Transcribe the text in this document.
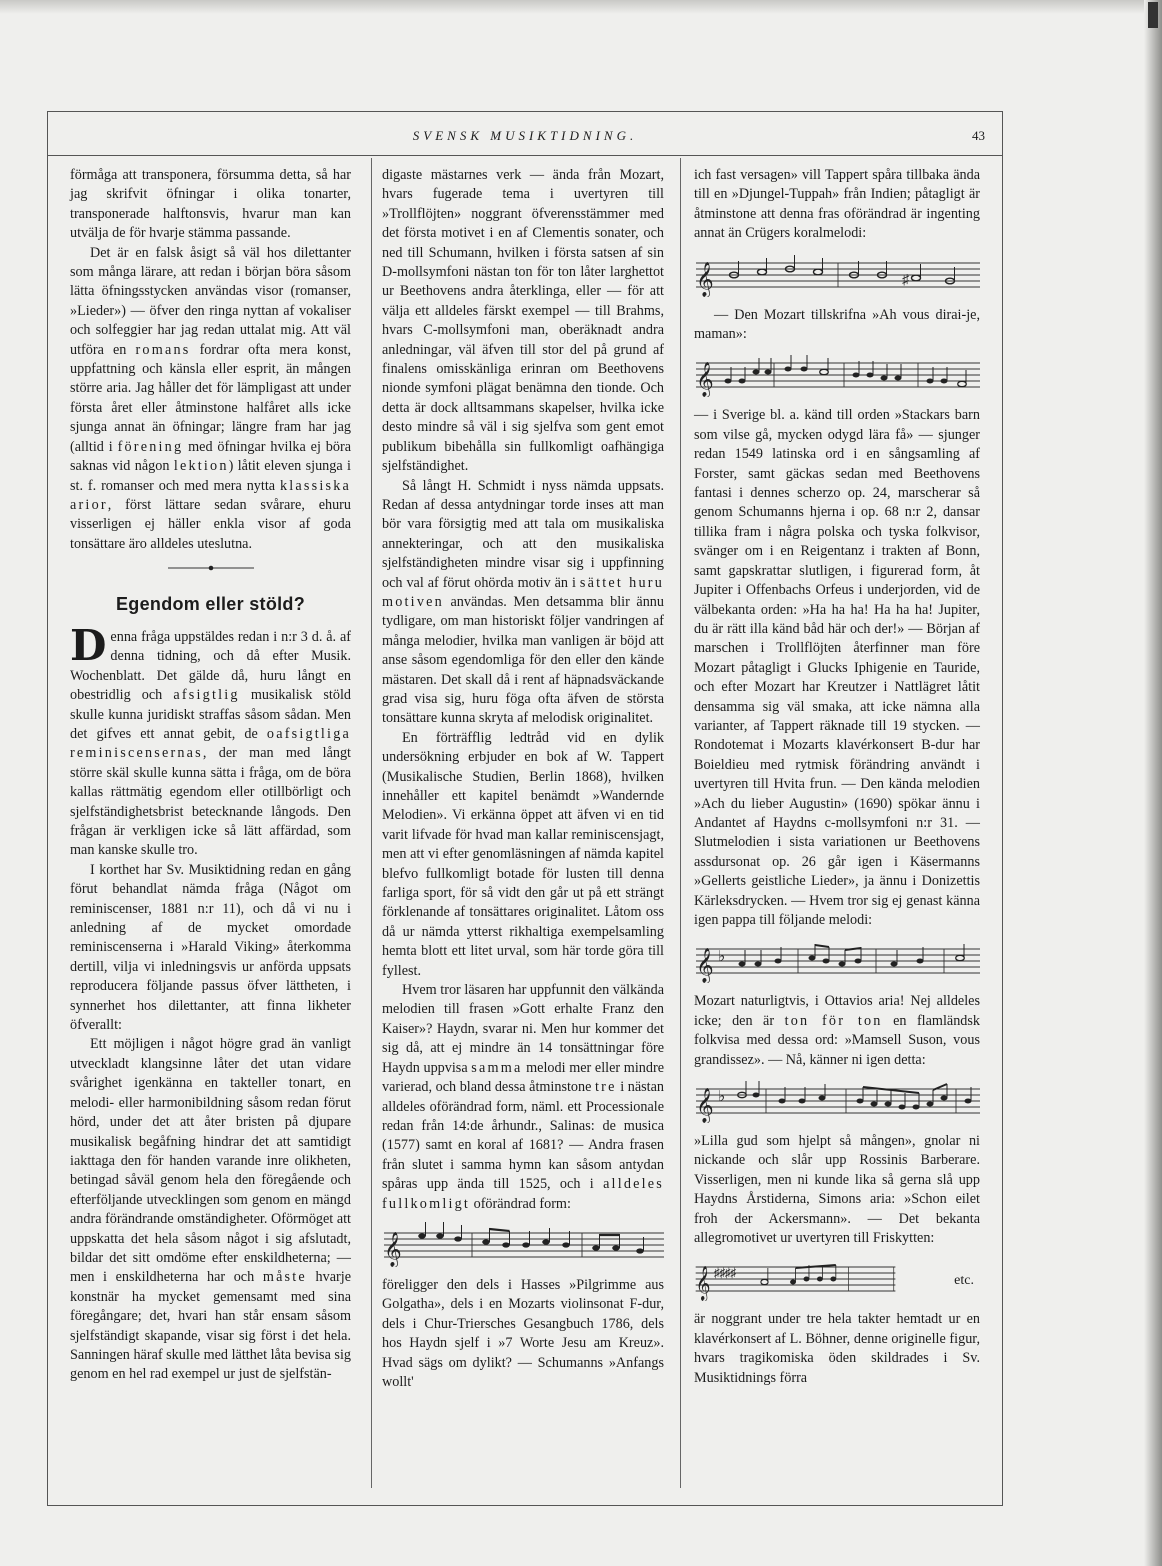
SVENSK MUSIKTIDNING.	43

förmåga att transponera, försumma detta, så har jag skrifvit öfningar i olika tonarter, transponerade halftonsvis, hvarur man kan utvälja de för hvarje stämma passande.

Det är en falsk åsigt så väl hos dilettanter som många lärare, att redan i början böra såsom lätta öfningsstycken användas visor (romanser, »Lieder») — öfver den ringa nyttan af vokaliser och solfeggier har jag redan uttalat mig. Att väl utföra en romans fordrar ofta mera konst, uppfattning och känsla eller esprit, än mången större aria. Jag håller det för lämpligast att under första året eller åtminstone halfåret alls icke sjunga annat än öfningar; längre fram har jag (alltid i förening med öfningar hvilka ej böra saknas vid någon lektion) låtit eleven sjunga i st. f. romanser och med mera nytta klassiska arior, först lättare sedan svårare, ehuru visserligen ej häller enkla visor af goda tonsättare äro alldeles uteslutna.

Egendom eller stöld?

Denna fråga uppstäldes redan i n:r 3 d. å. af denna tidning, och då efter Musik. Wochenblatt. Det gälde då, huru långt en obestridlig och afsigtlig musikalisk stöld skulle kunna juridiskt straffas såsom sådan. Men det gifves ett annat gebit, de oafsigtliga reminiscensernas, der man med långt större skäl skulle kunna sätta i fråga, om de böra kallas rättmätig egendom eller otillbörligt och sjelfständighetsbrist betecknande långods. Den frågan är verkligen icke så lätt affärdad, som man kanske skulle tro.

I korthet har Sv. Musiktidning redan en gång förut behandlat nämda fråga (Något om reminiscenser, 1881 n:r 11), och då vi nu i anledning af de mycket omordade reminiscenserna i »Harald Viking» återkomma dertill, vilja vi inledningsvis ur anförda uppsats reproducera följande passus öfver lättheten, i synnerhet hos dilettanter, att finna likheter öfverallt:

Ett möjligen i något högre grad än vanligt utveckladt klangsinne låter det utan vidare svårighet igenkänna en takteller tonart, en melodi- eller harmonibildning såsom redan förut hörd, under det att åter bristen på djupare musikalisk begåfning hindrar det att samtidigt iakttaga den för handen varande inre olikheten, betingad såväl genom hela den föregående och efterföljande utvecklingen som genom en mängd andra förändrande omständigheter. Oförmöget att uppskatta det hela såsom något i sig afslutadt, bildar det sitt omdöme efter enskildheterna; — men i enskildheterna har och måste hvarje konstnär ha mycket gemensamt med sina föregångare; det, hvari han står ensam såsom sjelfständigt skapande, visar sig först i det hela. Sanningen häraf skulle med lätthet låta bevisa sig genom en hel rad exempel ur just de sjelfstän-

digaste mästarnes verk — ända från Mozart, hvars fugerade tema i uvertyren till »Trollflöjten» noggrant öfverensstämmer med det första motivet i en af Clementis sonater, och ned till Schumann, hvilken i första satsen af sin D-mollsymfoni nästan ton för ton låter larghettot ur Beethovens andra återklinga, eller — för att välja ett alldeles färskt exempel — till Brahms, hvars C-mollsymfoni man, oberäknadt andra anledningar, väl äfven till stor del på grund af finalens omisskänliga erinran om Beethovens nionde symfoni plägat benämna den tionde. Och detta är dock alltsammans skapelser, hvilka icke desto mindre så väl i sig sjelfva som gent emot publikum bibehålla sin fullkomligt oafhängiga sjelfständighet.

Så långt H. Schmidt i nyss nämda uppsats. Redan af dessa antydningar torde inses att man bör vara försigtig med att tala om musikaliska annekteringar, och att den musikaliska sjelfständigheten mindre visar sig i uppfinning och val af förut ohörda motiv än i sättet huru motiven användas. Men detsamma blir ännu tydligare, om man historiskt följer vandringen af många melodier, hvilka man vanligen är böjd att anse såsom egendomliga för den eller den kände mästaren. Det skall då i rent af häpnadsväckande grad visa sig, huru föga ofta äfven de största tonsättare kunna skryta af melodisk originalitet.

En förträfflig ledtråd vid en dylik undersökning erbjuder en bok af W. Tappert (Musikalische Studien, Berlin 1868), hvilken innehåller ett kapitel benämdt »Wandernde Melodien». Vi erkänna öppet att äfven vi en tid varit lifvade för hvad man kallar reminiscensjagt, men att vi efter genomläsningen af nämda kapitel blefvo fullkomligt botade för lusten till denna farliga sport, för så vidt den går ut på ett strängt förklenande af tonsättares originalitet. Låtom oss då ur nämda ytterst rikhaltiga exempelsamling hemta blott ett litet urval, som här torde göra till fyllest.

Hvem tror läsaren har uppfunnit den välkända melodien till frasen »Gott erhalte Franz den Kaiser»? Haydn, svarar ni. Men hur kommer det sig då, att ej mindre än 14 tonsättningar före Haydn uppvisa samma melodi mer eller mindre varierad, och bland dessa åtminstone tre i nästan alldeles oförändrad form, näml. ett Processionale redan från 14:de århundr., Salinas: de musica (1577) samt en koral af 1681? — Andra frasen från slutet i samma hymn kan såsom antydan spåras upp ända till 1525, och i alldeles fullkomligt oförändrad form:

𝄞

föreligger den dels i Hasses »Pilgrimme aus Golgatha», dels i en Mozarts violinsonat F-dur, dels i Chur-Triersches Gesangbuch 1786, dels hos Haydn sjelf i »7 Worte Jesu am Kreuz». Hvad sägs om dylikt? — Schumanns »Anfangs wollt'

ich fast versagen» vill Tappert spåra tillbaka ända till en »Djungel-Tuppah» från Indien; påtagligt är åtminstone att denna fras oförändrad är ingenting annat än Crügers koralmelodi:

𝄞	♯

— Den Mozart tillskrifna »Ah vous dirai-je, maman»:

𝄞

— i Sverige bl. a. känd till orden »Stackars barn som vilse gå, mycken odygd lära få» — sjunger redan 1549 latinska ord i en sångsamling af Forster, samt gäckas sedan med Beethovens fantasi i dennes scherzo op. 24, marscherar så genom Schumanns hjerna i op. 68 n:r 2, dansar tillika fram i några polska och tyska folkvisor, svänger om i en Reigentanz i trakten af Bonn, samt gapskrattar slutligen, i figurerad form, åt Jupiter i Offenbachs Orfeus i underjorden, vid de välbekanta orden: »Ha ha ha! Ha ha ha! Jupiter, du är rätt illa känd båd här och der!» — Början af marschen i Trollflöjten återfinner man före Mozart påtagligt i Glucks Iphigenie en Tauride, och efter Mozart har Kreutzer i Nattlägret låtit densamma sig väl smaka, att icke nämna alla varianter, af Tappert räknade till 19 stycken. — Rondotemat i Mozarts klavérkonsert B-dur har Boieldieu med rytmisk förändring användt i uvertyren till Hvita frun. — Den kända melodien »Ach du lieber Augustin» (1690) spökar ännu i Andantet af Haydns c-mollsymfoni n:r 31. — Slutmelodien i sista variationen ur Beethovens assdursonat op. 26 går igen i Käsermanns »Gellerts geistliche Lieder», ja ännu i Donizettis Kärleksdrycken. — Hvem tror sig ej genast känna igen pappa till följande melodi:

𝄞 ♭

Mozart naturligtvis, i Ottavios aria! Nej alldeles icke; den är ton för ton en flamländsk folkvisa med dessa ord: »Mamsell Suson, vous grandissez». — Nå, känner ni igen detta:

𝄞 ♭

»Lilla gud som hjelpt så mången», gnolar ni nickande och slår upp Rossinis Barberare. Visserligen, men ni kunde lika så gerna slå upp Haydns Årstiderna, Simons aria: »Schon eilet froh der Ackersmann». — Det bekanta allegromotivet ur uvertyren till Friskytten:

𝄞 ♯♯♯♯
etc.

är noggrant under tre hela takter hemtadt ur en klavérkonsert af L. Böhner, denne originelle figur, hvars tragikomiska öden skildrades i Sv. Musiktidnings förra
